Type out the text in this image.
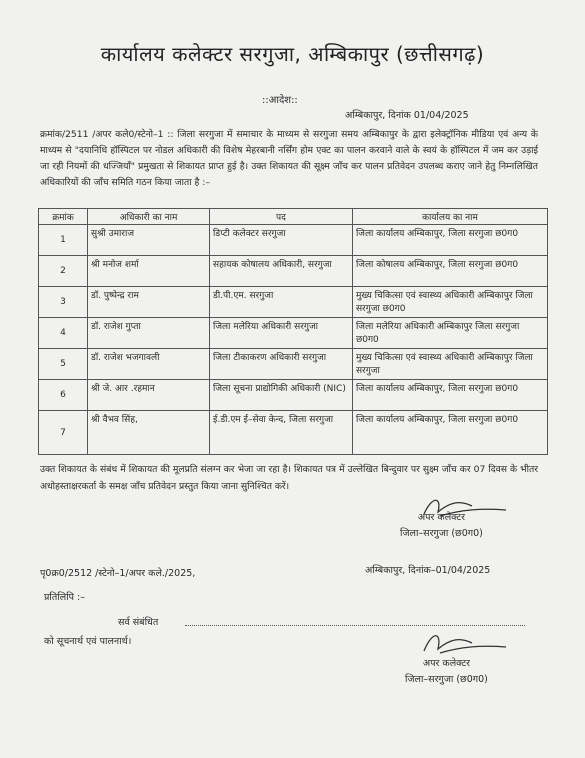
कार्यालय कलेक्टर सरगुजा, अम्बिकापुर (छत्तीसगढ़)
::आदेश::
अम्बिकापुर, दिनांक 01/04/2025
क्रमांक/2511 /अपर कले0/स्टेनो–1 :: जिला सरगुजा में समाचार के माध्यम से सरगुजा समय अम्बिकापुर के द्वारा इलेक्ट्रॉनिक मीडिया एवं अन्य के माध्यम से "दयानिधि हॉस्पिटल पर नोडल अधिकारी की विशेष मेहरबानी नर्सिंग होम एक्ट का पालन करवाने वाले के स्वयं के हॉस्पिटल में जम कर उड़ाई जा रही नियमों की धज्जियाँ" प्रमुखता से शिकायत प्राप्त हुई है। उक्त शिकायत की सूक्ष्म जाँच कर पालन प्रतिवेदन उपलब्ध कराए जाने हेतु निम्नलिखित अधिकारियों की जाँच समिति गठन किया जाता है :–
क्रमांक	अधिकारी का नाम	पद	कार्यालय का नाम
1	सुश्री उमाराज	डिप्टी कलेक्टर सरगुजा	जिला कार्यालय अम्बिकापुर, जिला सरगुजा छ0ग0
2	श्री मनोज शर्मा	सहायक कोषालय अधिकारी, सरगुजा	जिला कोषालय अम्बिकापुर, जिला सरगुजा छ0ग0
3	डॉ. पुष्पेन्द्र राम	डी.पी.एम. सरगुजा	मुख्य चिकित्सा एवं स्वास्थ्य अधिकारी अम्बिकापुर जिला सरगुजा छ0ग0
4	डॉ. राजेश गुप्ता	जिला मलेरिया अधिकारी सरगुजा	जिला मलेरिया अधिकारी अम्बिकापुर जिला सरगुजा छ0ग0
5	डॉ. राजेश भजगावली	जिला टीकाकरण अधिकारी सरगुजा	मुख्य चिकित्सा एवं स्वास्थ्य अधिकारी अम्बिकापुर जिला सरगुजा
6	श्री जे. आर .रहमान	जिला सूचना प्राद्योगिकी अधिकारी (NIC)	जिला कार्यालय अम्बिकापुर, जिला सरगुजा छ0ग0
7	श्री वैभव सिंह,	ई.डी.एम ई–सेवा केन्द, जिला सरगुजा	जिला कार्यालय अम्बिकापुर, जिला सरगुजा छ0ग0
उक्त शिकायत के संबंध में शिकायत की मूलप्रति संलग्न कर भेजा जा रहा है। शिकायत पत्र में उल्लेखित बिन्दुवार पर सुक्ष्म जाँच कर 07 दिवस के भीतर अधोहस्ताक्षरकर्ता के समक्ष जाँच प्रतिवेदन प्रस्तुत किया जाना सुनिश्चित करें।
अपर कलेक्टर
जिला–सरगुजा (छ0ग0)
पृ0क्र0/2512 /स्टेनो–1/अपर कले./2025,	अम्बिकापुर, दिनांक–01/04/2025
प्रतिलिपि :–
सर्व संबंधित
को सूचनार्थ एवं पालनार्थ।
अपर कलेक्टर
जिला–सरगुजा (छ0ग0)
